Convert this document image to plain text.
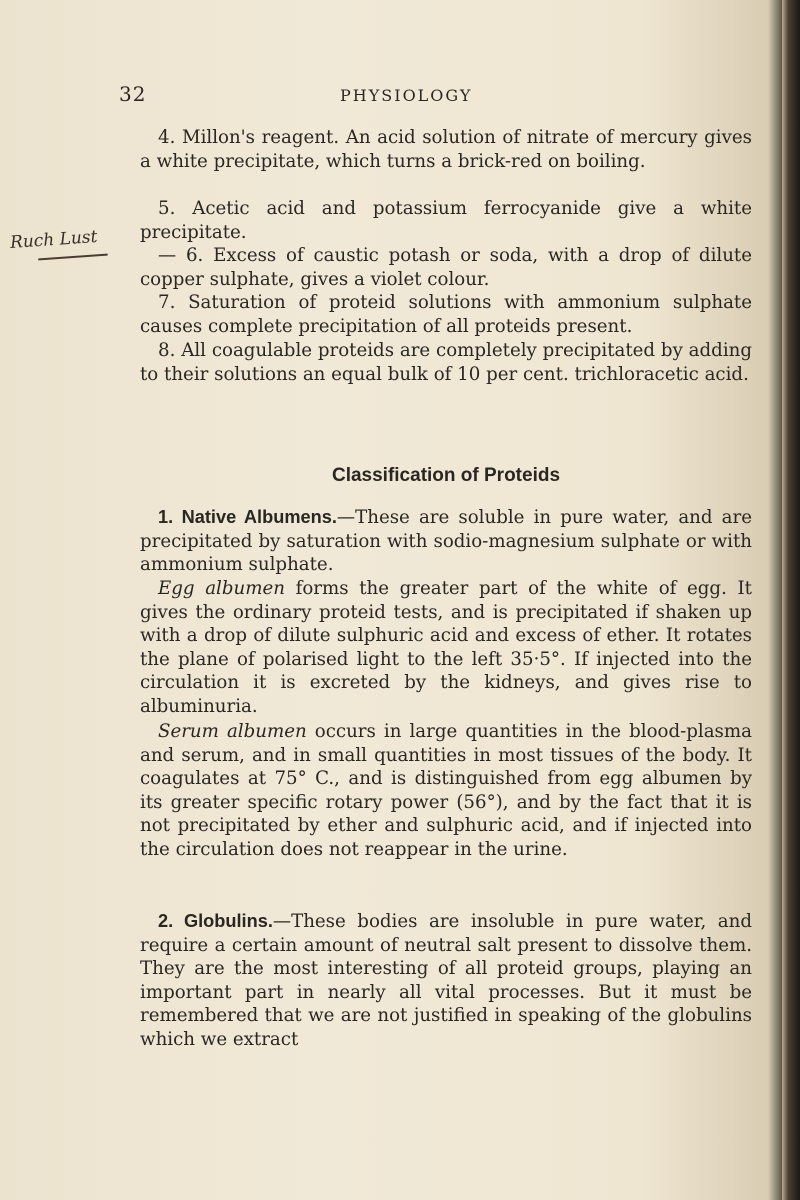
32	PHYSIOLOGY
Ruch Lust

4. Millon's reagent. An acid solution of nitrate of mercury gives a white precipitate, which turns a brick-red on boiling.

5. Acetic acid and potassium ferrocyanide give a white precipitate.

— 6. Excess of caustic potash or soda, with a drop of dilute copper sulphate, gives a violet colour.

7. Saturation of proteid solutions with ammonium sulphate causes complete precipitation of all proteids present.

8. All coagulable proteids are completely precipitated by adding to their solutions an equal bulk of 10 per cent. trichloracetic acid.

Classification of Proteids

1. Native Albumens.—These are soluble in pure water, and are precipitated by saturation with sodio-magnesium sulphate or with ammonium sulphate.

Egg albumen forms the greater part of the white of egg. It gives the ordinary proteid tests, and is precipitated if shaken up with a drop of dilute sulphuric acid and excess of ether. It rotates the plane of polarised light to the left 35·5°. If injected into the circulation it is excreted by the kidneys, and gives rise to albuminuria.

Serum albumen occurs in large quantities in the blood-plasma and serum, and in small quantities in most tissues of the body. It coagulates at 75° C., and is distinguished from egg albumen by its greater specific rotary power (56°), and by the fact that it is not precipitated by ether and sulphuric acid, and if injected into the circulation does not reappear in the urine.

2. Globulins.—These bodies are insoluble in pure water, and require a certain amount of neutral salt present to dissolve them. They are the most interesting of all proteid groups, playing an important part in nearly all vital processes. But it must be remembered that we are not justified in speaking of the globulins which we extract
